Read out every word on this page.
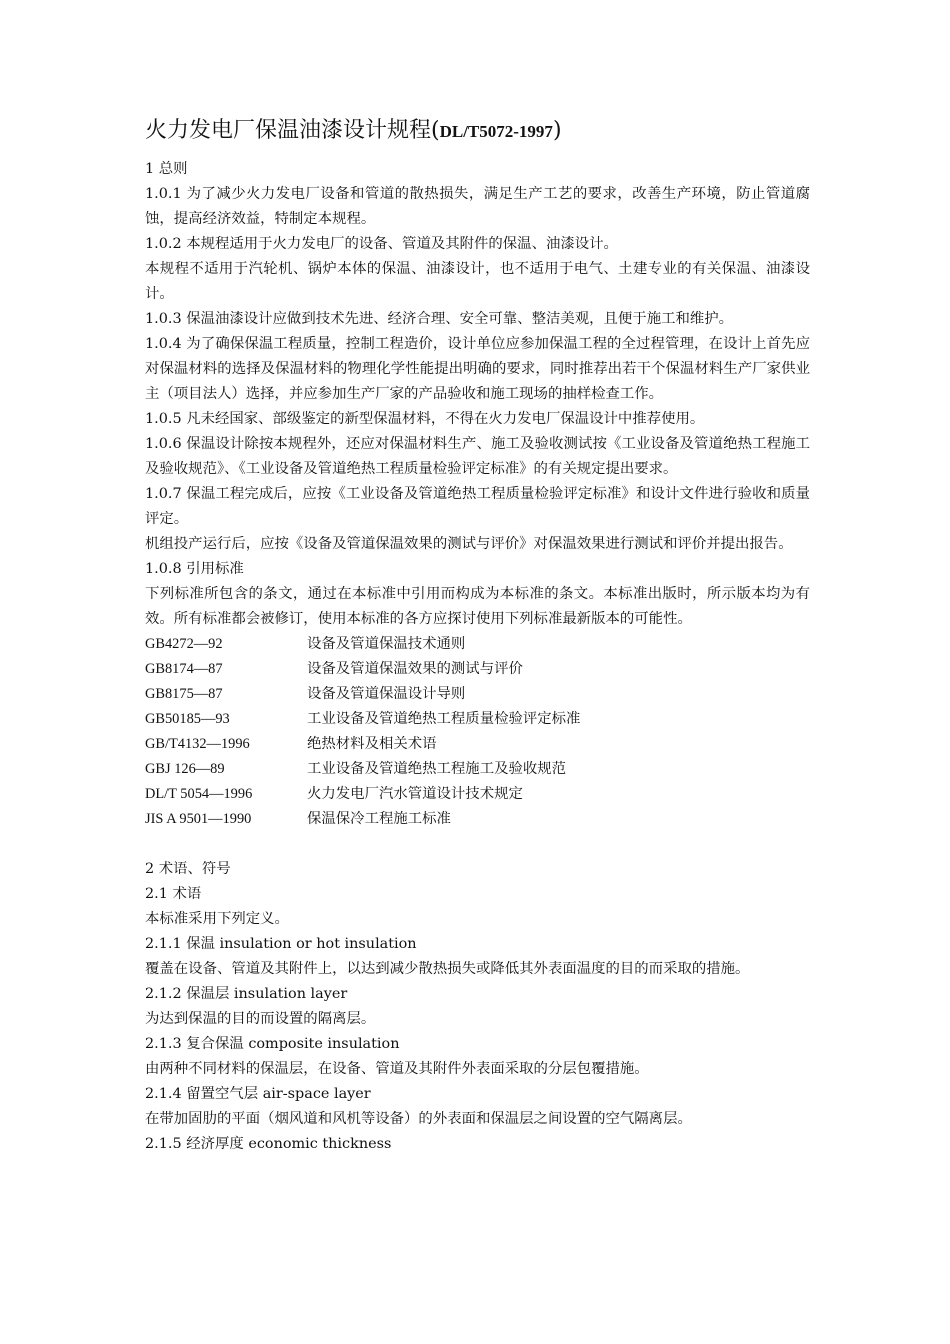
火力发电厂保温油漆设计规程(DL/T5072-1997)
1 总则
1.0.1 为了减少火力发电厂设备和管道的散热损失，满足生产工艺的要求，改善生产环境，防止管道腐蚀，提高经济效益，特制定本规程。
1.0.2 本规程适用于火力发电厂的设备、管道及其附件的保温、油漆设计。
本规程不适用于汽轮机、锅炉本体的保温、油漆设计，也不适用于电气、土建专业的有关保温、油漆设计。
1.0.3 保温油漆设计应做到技术先进、经济合理、安全可靠、整洁美观，且便于施工和维护。
1.0.4 为了确保保温工程质量，控制工程造价，设计单位应参加保温工程的全过程管理，在设计上首先应对保温材料的选择及保温材料的物理化学性能提出明确的要求，同时推荐出若干个保温材料生产厂家供业主（项目法人）选择，并应参加生产厂家的产品验收和施工现场的抽样检查工作。
1.0.5 凡未经国家、部级鉴定的新型保温材料，不得在火力发电厂保温设计中推荐使用。
1.0.6 保温设计除按本规程外，还应对保温材料生产、施工及验收测试按《工业设备及管道绝热工程施工及验收规范》、《工业设备及管道绝热工程质量检验评定标准》的有关规定提出要求。
1.0.7 保温工程完成后，应按《工业设备及管道绝热工程质量检验评定标准》和设计文件进行验收和质量评定。
机组投产运行后，应按《设备及管道保温效果的测试与评价》对保温效果进行测试和评价并提出报告。
1.0.8 引用标准
下列标准所包含的条文，通过在本标准中引用而构成为本标准的条文。本标准出版时，所示版本均为有效。所有标准都会被修订，使用本标准的各方应探讨使用下列标准最新版本的可能性。
GB4272—92	设备及管道保温技术通则
GB8174—87	设备及管道保温效果的测试与评价
GB8175—87	设备及管道保温设计导则
GB50185—93	工业设备及管道绝热工程质量检验评定标准
GB/T4132—1996	绝热材料及相关术语
GBJ 126—89	工业设备及管道绝热工程施工及验收规范
DL/T 5054—1996	火力发电厂汽水管道设计技术规定
JIS A 9501—1990	保温保冷工程施工标准
2 术语、符号
2.1 术语
本标准采用下列定义。
2.1.1 保温 insulation or hot insulation
覆盖在设备、管道及其附件上，以达到减少散热损失或降低其外表面温度的目的而采取的措施。
2.1.2 保温层 insulation layer
为达到保温的目的而设置的隔离层。
2.1.3 复合保温 composite insulation
由两种不同材料的保温层，在设备、管道及其附件外表面采取的分层包覆措施。
2.1.4 留置空气层 air-space layer
在带加固肋的平面（烟风道和风机等设备）的外表面和保温层之间设置的空气隔离层。
2.1.5 经济厚度 economic thickness
